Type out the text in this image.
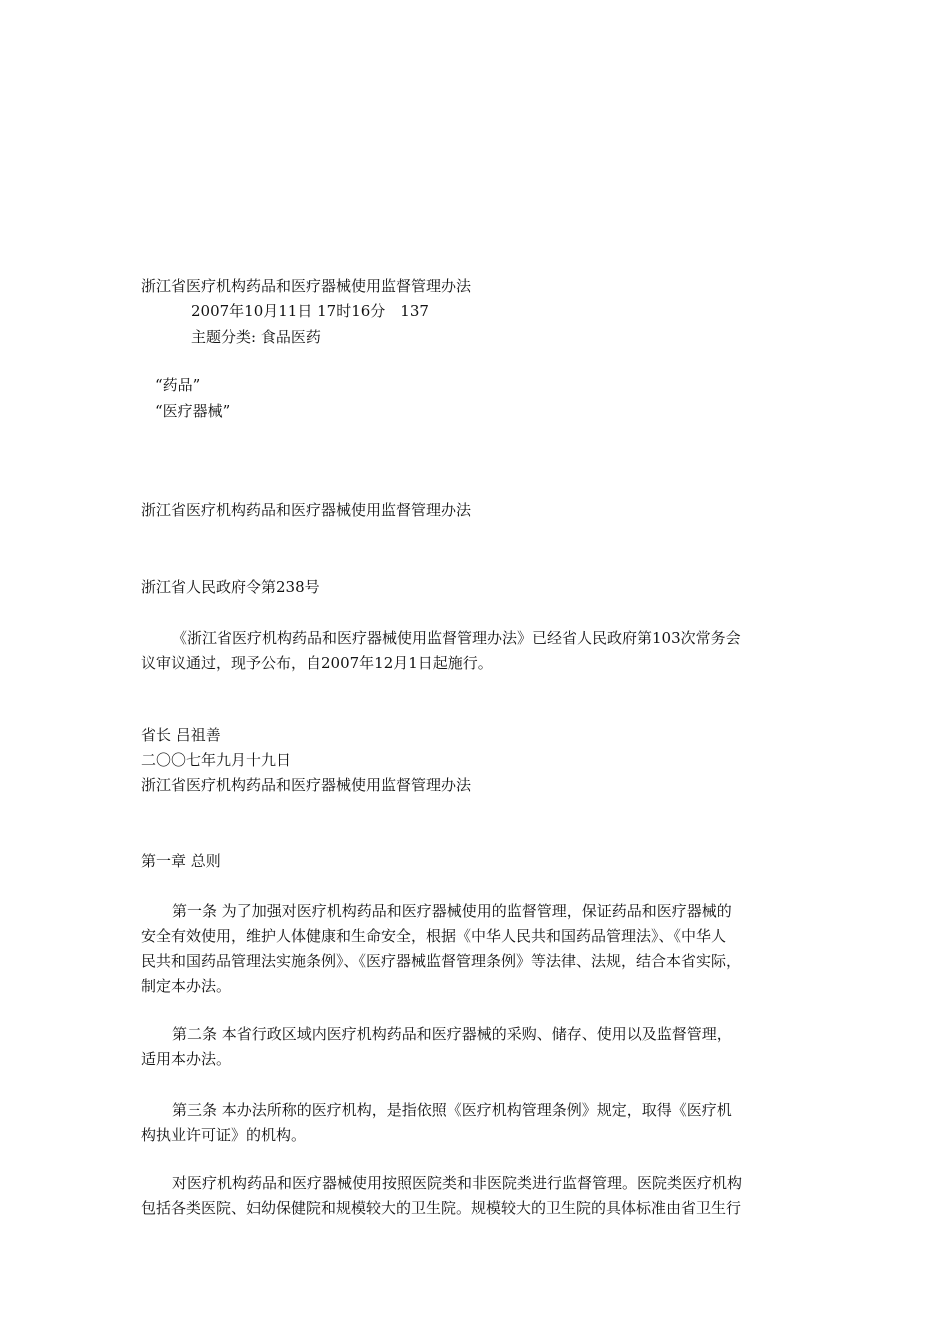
浙江省医疗机构药品和医疗器械使用监督管理办法
2007年10月11日 17时16分　137
主题分类: 食品医药
“药品”
“医疗器械”
浙江省医疗机构药品和医疗器械使用监督管理办法
浙江省人民政府令第238号
《浙江省医疗机构药品和医疗器械使用监督管理办法》已经省人民政府第103次常务会
议审议通过，现予公布，自2007年12月1日起施行。
省长 吕祖善
二〇〇七年九月十九日
浙江省医疗机构药品和医疗器械使用监督管理办法
第一章 总则
第一条 为了加强对医疗机构药品和医疗器械使用的监督管理，保证药品和医疗器械的
安全有效使用，维护人体健康和生命安全，根据《中华人民共和国药品管理法》、《中华人
民共和国药品管理法实施条例》、《医疗器械监督管理条例》等法律、法规，结合本省实际，
制定本办法。
第二条 本省行政区域内医疗机构药品和医疗器械的采购、储存、使用以及监督管理，
适用本办法。
第三条 本办法所称的医疗机构，是指依照《医疗机构管理条例》规定，取得《医疗机
构执业许可证》的机构。
对医疗机构药品和医疗器械使用按照医院类和非医院类进行监督管理。医院类医疗机构
包括各类医院、妇幼保健院和规模较大的卫生院。规模较大的卫生院的具体标准由省卫生行
